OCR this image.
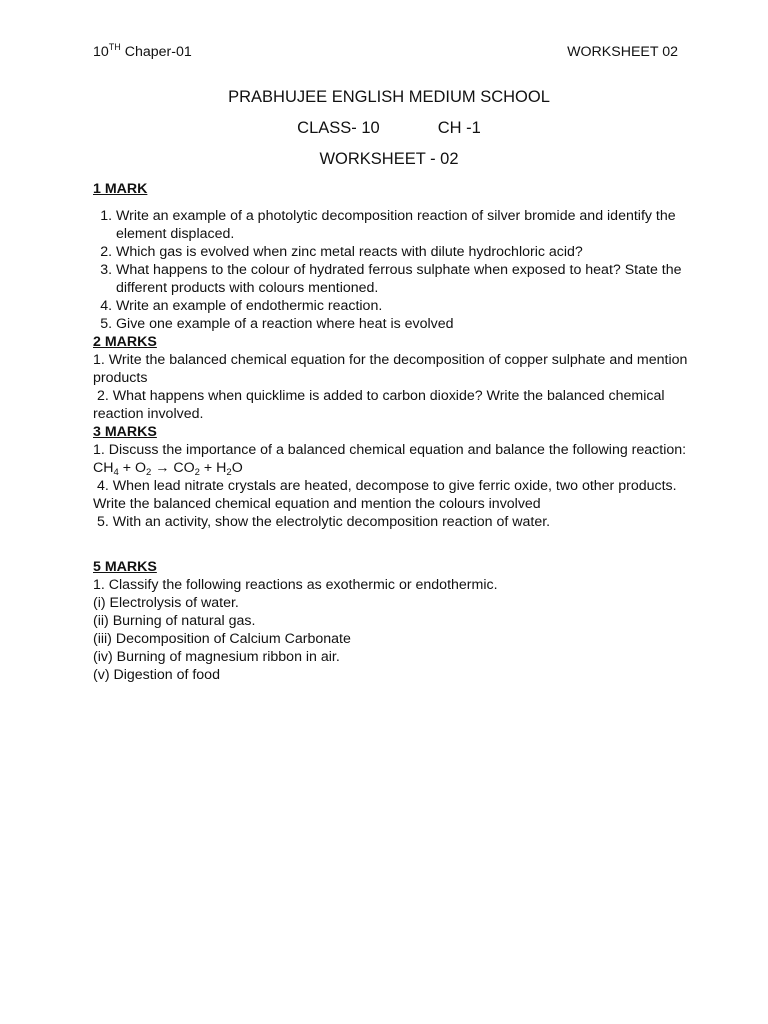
10TH Chaper-01	WORKSHEET 02
PRABHUJEE ENGLISH MEDIUM SCHOOL
CLASS- 10	CH -1
WORKSHEET - 02

1 MARK

1. Write an example of a photolytic decomposition reaction of silver bromide and identify the element displaced.
2. Which gas is evolved when zinc metal reacts with dilute hydrochloric acid?
3. What happens to the colour of hydrated ferrous sulphate when exposed to heat? State the different products with colours mentioned.
4. Write an example of endothermic reaction.
5. Give one example of a reaction where heat is evolved

2 MARKS

1. Write the balanced chemical equation for the decomposition of copper sulphate and mention products

2. What happens when quicklime is added to carbon dioxide? Write the balanced chemical reaction involved.

3 MARKS

1. Discuss the importance of a balanced chemical equation and balance the following reaction: $CH_4 + O_2 \to CO_2 + H_2O$

4. When lead nitrate crystals are heated, decompose to give ferric oxide, two other products. Write the balanced chemical equation and mention the colours involved

5. With an activity, show the electrolytic decomposition reaction of water.

5 MARKS

1. Classify the following reactions as exothermic or endothermic.

(i) Electrolysis of water.

(ii) Burning of natural gas.

(iii) Decomposition of Calcium Carbonate

(iv) Burning of magnesium ribbon in air.

(v) Digestion of food
